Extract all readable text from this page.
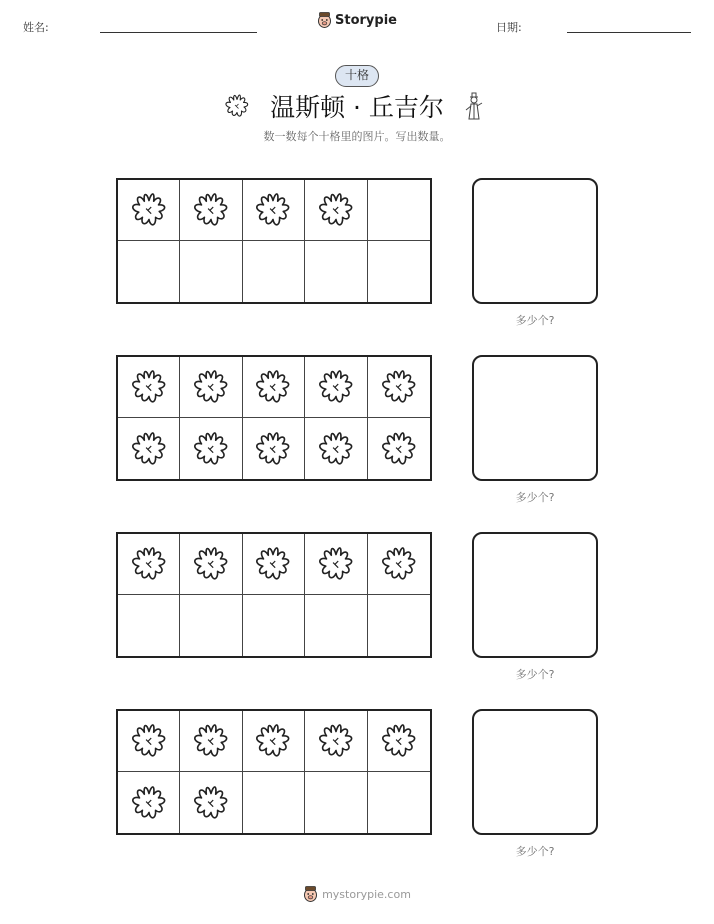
姓名:	Storypie	日期:
十格
温斯顿 · 丘吉尔
数一数每个十格里的图片。写出数量。
多少个?
多少个?
多少个?
多少个?
mystorypie.com
